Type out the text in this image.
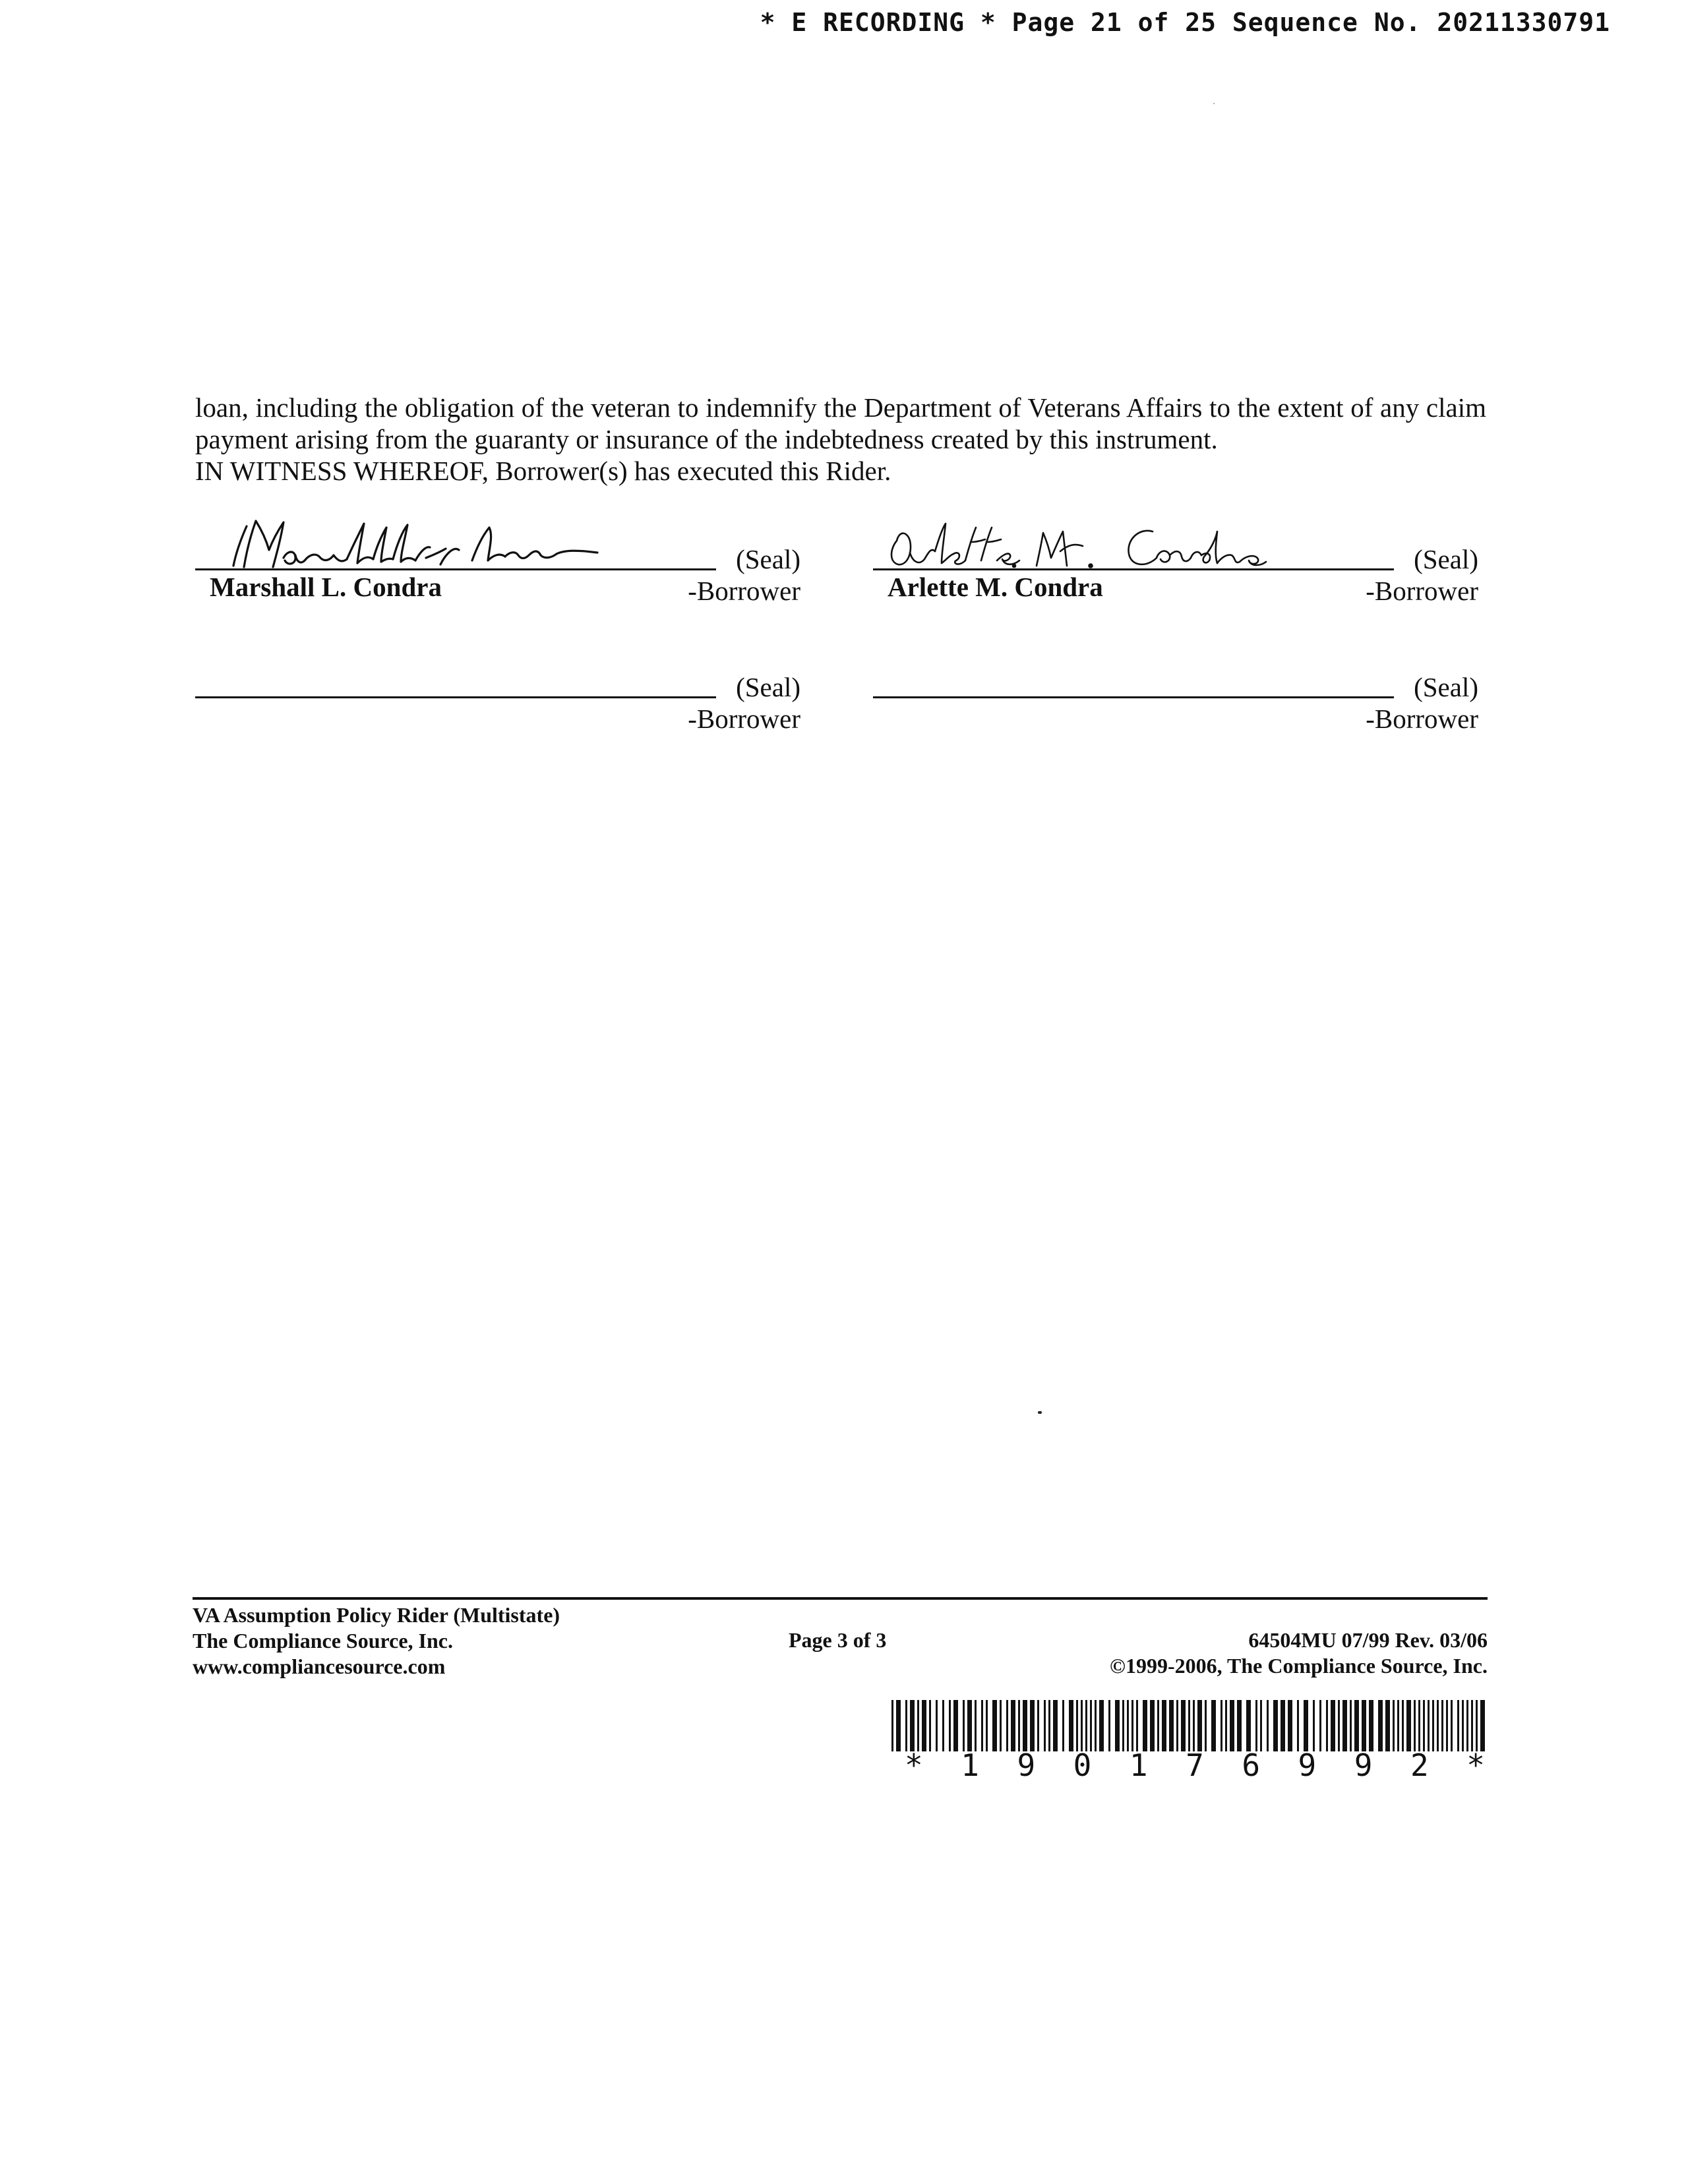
* E RECORDING * Page 21 of 25 Sequence No. 20211330791

loan, including the obligation of the veteran to indemnify the Department of Veterans Affairs to the extent of any claim payment arising from the guaranty or insurance of the indebtedness created by this instrument.

IN WITNESS WHEREOF, Borrower(s) has executed this Rider.

(Seal)
-Borrower
Marshall L. Condra
(Seal)
-Borrower
Arlette M. Condra
(Seal)
-Borrower
(Seal)
-Borrower
VA Assumption Policy Rider (Multistate)
The Compliance Source, Inc.
www.compliancesource.com
Page 3 of 3	64504MU 07/99 Rev. 03/06
©1999-2006, The Compliance Source, Inc.
* 1 9 0 1 7 6 9 9 2 *
